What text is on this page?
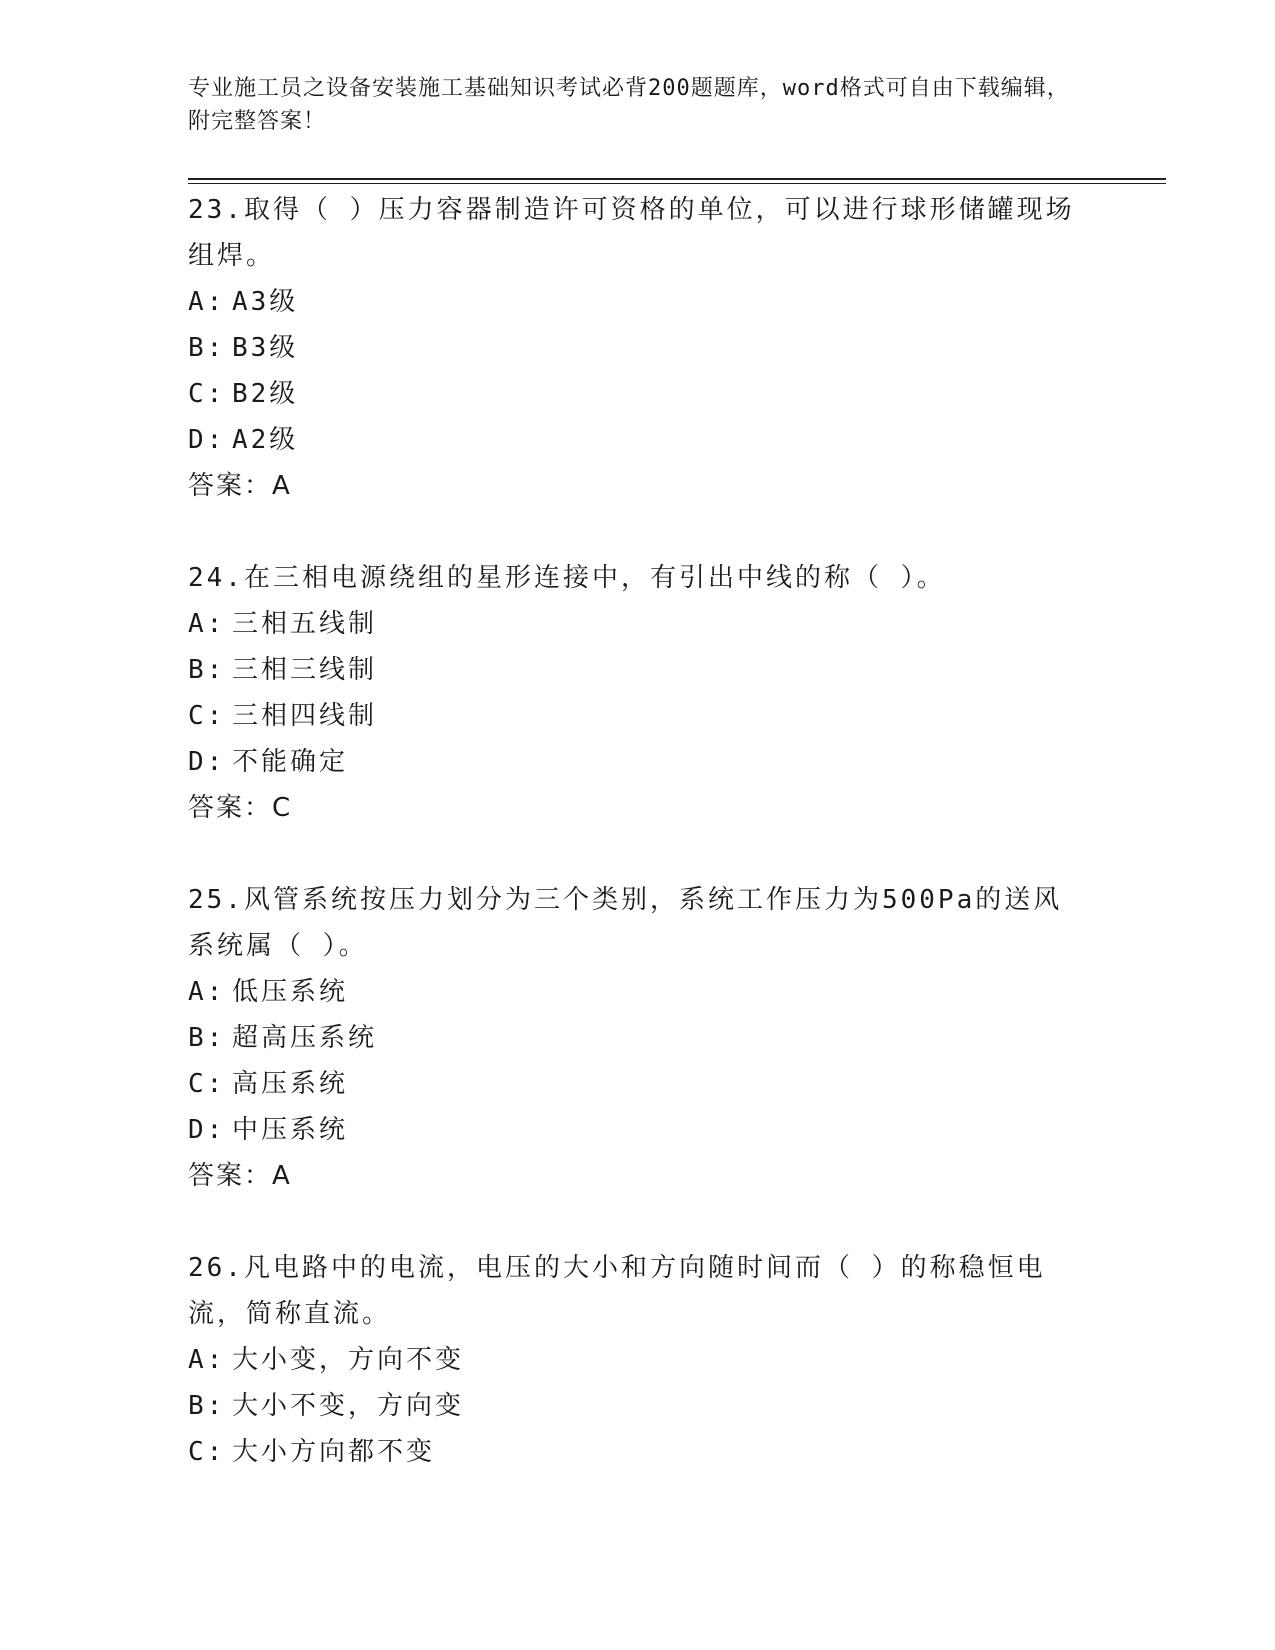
专业施工员之设备安装施工基础知识考试必背200题题库，word格式可自由下载编辑，附完整答案！

23.取得（ ）压力容器制造许可资格的单位，可以进行球形储罐现场组焊。

A: A3级
B: B3级
C: B2级
D: A2级
答案：A

24.在三相电源绕组的星形连接中，有引出中线的称（ ）。

A: 三相五线制
B: 三相三线制
C: 三相四线制
D: 不能确定
答案：C

25.风管系统按压力划分为三个类别，系统工作压力为500Pa的送风系统属（ ）。

A: 低压系统
B: 超高压系统
C: 高压系统
D: 中压系统
答案：A

26.凡电路中的电流，电压的大小和方向随时间而（ ）的称稳恒电流，简称直流。

A: 大小变，方向不变
B: 大小不变，方向变
C: 大小方向都不变
